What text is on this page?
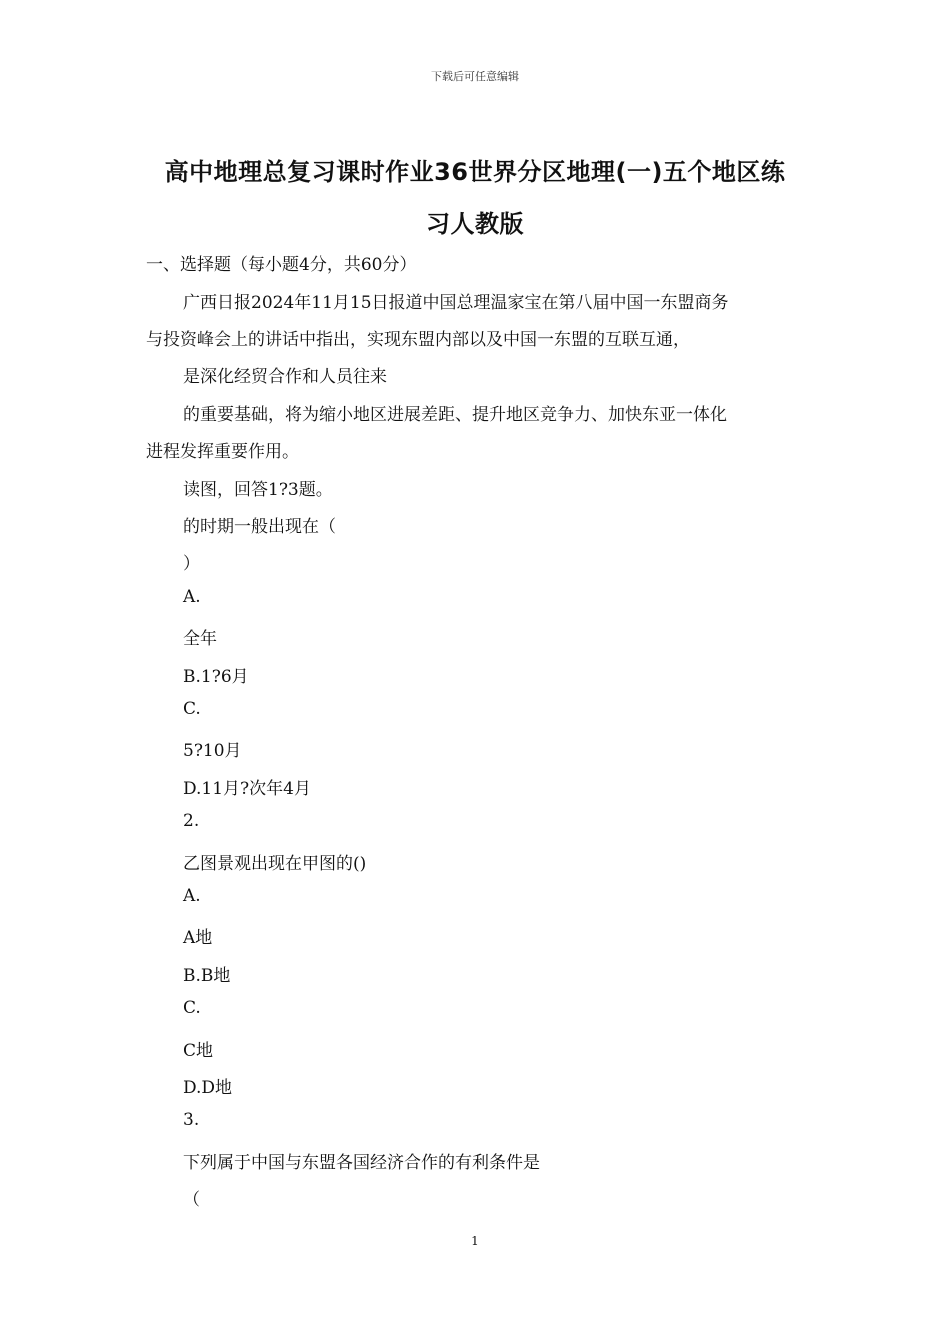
下载后可任意编辑
高中地理总复习课时作业36世界分区地理(一)五个地区练
习人教版

一、选择题（每小题4分，共60分）

广西日报2024年11月15日报道中国总理温家宝在第八届中国一东盟商务

与投资峰会上的讲话中指出，实现东盟内部以及中国一东盟的互联互通，

是深化经贸合作和人员往来

的重要基础，将为缩小地区进展差距、提升地区竞争力、加快东亚一体化

进程发挥重要作用。

读图，回答1?3题。

的时期一般出现在（

）

A.

全年

B.1?6月

C.

5?10月

D.11月?次年4月

2.

乙图景观出现在甲图的()

A.

A地

B.B地

C.

C地

D.D地

3.

下列属于中国与东盟各国经济合作的有利条件是

（

1
